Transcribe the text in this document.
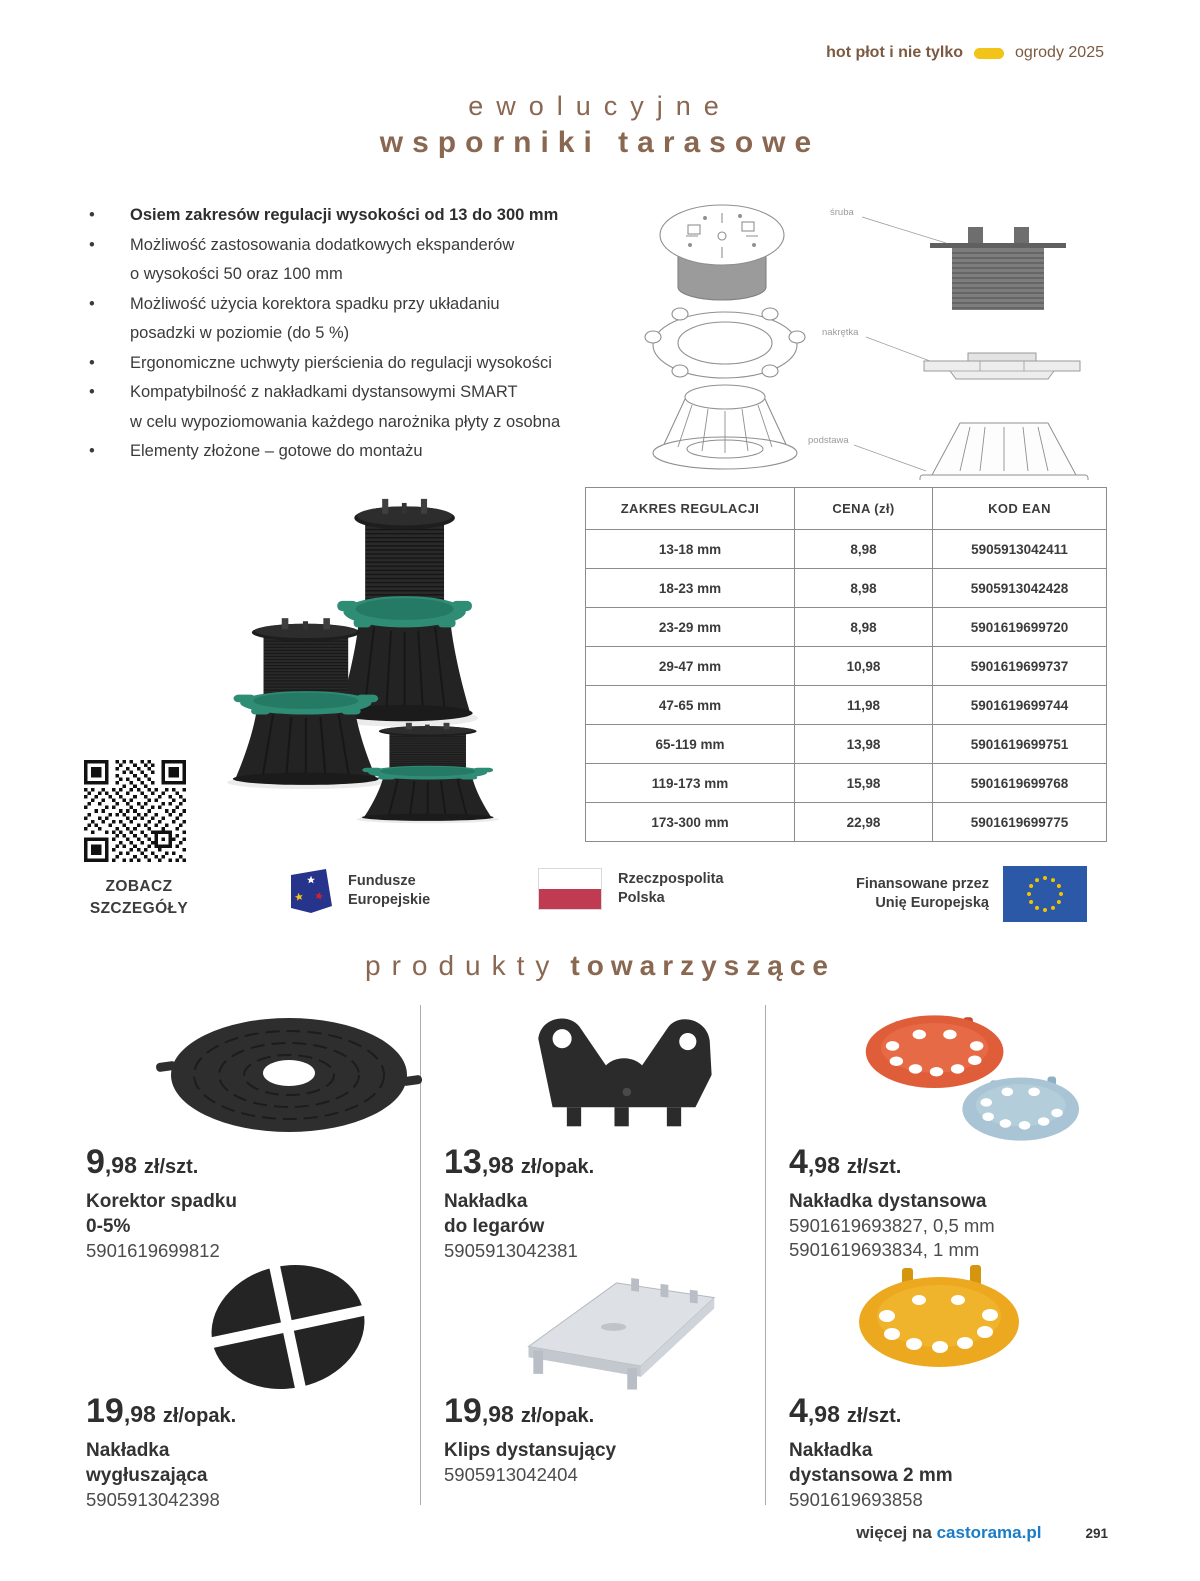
hot płot i nie tylko	ogrody 2025
ewolucyjne
wsporniki tarasowe
•	Osiem zakresów regulacji wysokości od 13 do 300 mm
•	Możliwość zastosowania dodatkowych ekspanderów
o wysokości 50 oraz 100 mm
•	Możliwość użycia korektora spadku przy układaniu
posadzki w poziomie (do 5 %)
•	Ergonomiczne uchwyty pierścienia do regulacji wysokości
•	Kompatybilność z nakładkami dystansowymi SMART
w celu wypoziomowania każdego narożnika płyty z osobna
•	Elementy złożone – gotowe do montażu
śruba
nakrętka
podstawa
ZOBACZ
SZCZEGÓŁY
ZAKRES REGULACJI	CENA (zł)	KOD EAN
13-18 mm	8,98	5905913042411
18-23 mm	8,98	5905913042428
23-29 mm	8,98	5901619699720
29-47 mm	10,98	5901619699737
47-65 mm	11,98	5901619699744
65-119 mm	13,98	5901619699751
119-173 mm	15,98	5901619699768
173-300 mm	22,98	5901619699775
Fundusze
Europejskie
Rzeczpospolita
Polska
Finansowane przez
Unię Europejską
produkty towarzyszące
9,98 zł/szt.
Korektor spadku
0-5%
5901619699812
13,98 zł/opak.
Nakładka
do legarów
5905913042381
4,98 zł/szt.
Nakładka dystansowa
5901619693827, 0,5 mm
5901619693834, 1 mm
19,98 zł/opak.
Nakładka
wygłuszająca
5905913042398
19,98 zł/opak.
Klips dystansujący
5905913042404
4,98 zł/szt.
Nakładka
dystansowa 2 mm
5901619693858
więcej na castorama.pl	291
